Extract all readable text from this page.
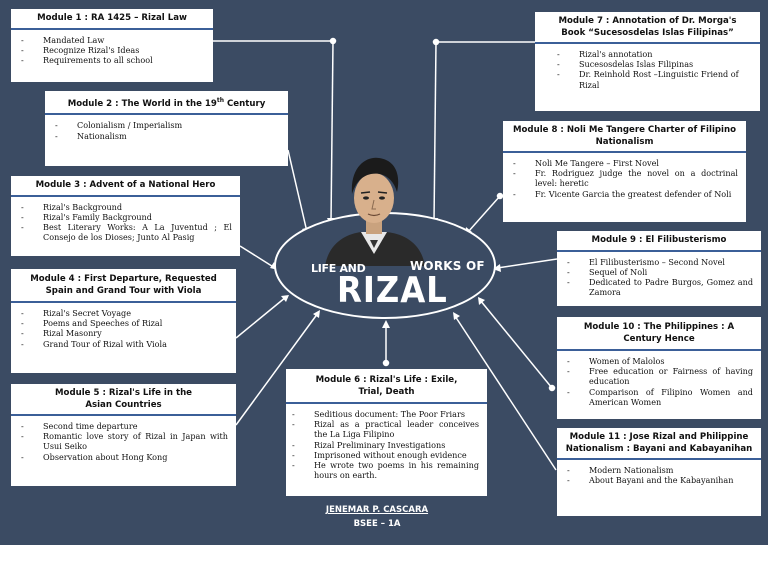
LIFE AND	WORKS OF
RIZAL
Module 1 : RA 1425 – Rizal Law
- Mandated Law
- Recognize Rizal's Ideas
- Requirements to all school
Module 2 : The World in the 19th Century
- Colonialism / Imperialism
- Nationalism
Module 3 : Advent of a National Hero
- Rizal's Background
- Rizal's Family Background
- Best Literary Works: A La Juventud ; El Consejo de los Dioses; Junto Al Pasig
Module 4 : First Departure, Requested Spain and Grand Tour with Viola
- Rizal's Secret Voyage
- Poems and Speeches of Rizal
- Rizal Masonry
- Grand Tour of Rizal with Viola
Module 5 : Rizal's Life in the Asian Countries
- Second time departure
- Romantic love story of Rizal in Japan with Usui Seiko
- Observation about Hong Kong
Module 6 : Rizal's Life : Exile, Trial, Death
- Seditious document: The Poor Friars
- Rizal as a practical leader conceives the La Liga Filipino
- Rizal Preliminary Investigations
- Imprisoned without enough evidence
- He wrote two poems in his remaining hours on earth.
Module 7 : Annotation of Dr. Morga's Book “Sucesosdelas Islas Filipinas”
- Rizal's annotation
- Sucesosdelas Islas Filipinas
- Dr. Reinhold Rost –Linguistic Friend of Rizal
Module 8 : Noli Me Tangere Charter of Filipino Nationalism
- Noli Me Tangere – First Novel
- Fr. Rodriguez judge the novel on a doctrinal level: heretic
- Fr. Vicente Garcia the greatest defender of Noli
Module 9 : El Filibusterismo
- El Filibusterismo – Second Novel
- Sequel of Noli
- Dedicated to Padre Burgos, Gomez and Zamora
Module 10 : The Philippines : A Century Hence
- Women of Malolos
- Free education or Fairness of having education
- Comparison of Filipino Women and American Women
Module 11 : Jose Rizal and Philippine Nationalism : Bayani and Kabayanihan
- Modern Nationalism
- About Bayani and the Kabayanihan
JENEMAR P. CASCARA
BSEE – 1A
